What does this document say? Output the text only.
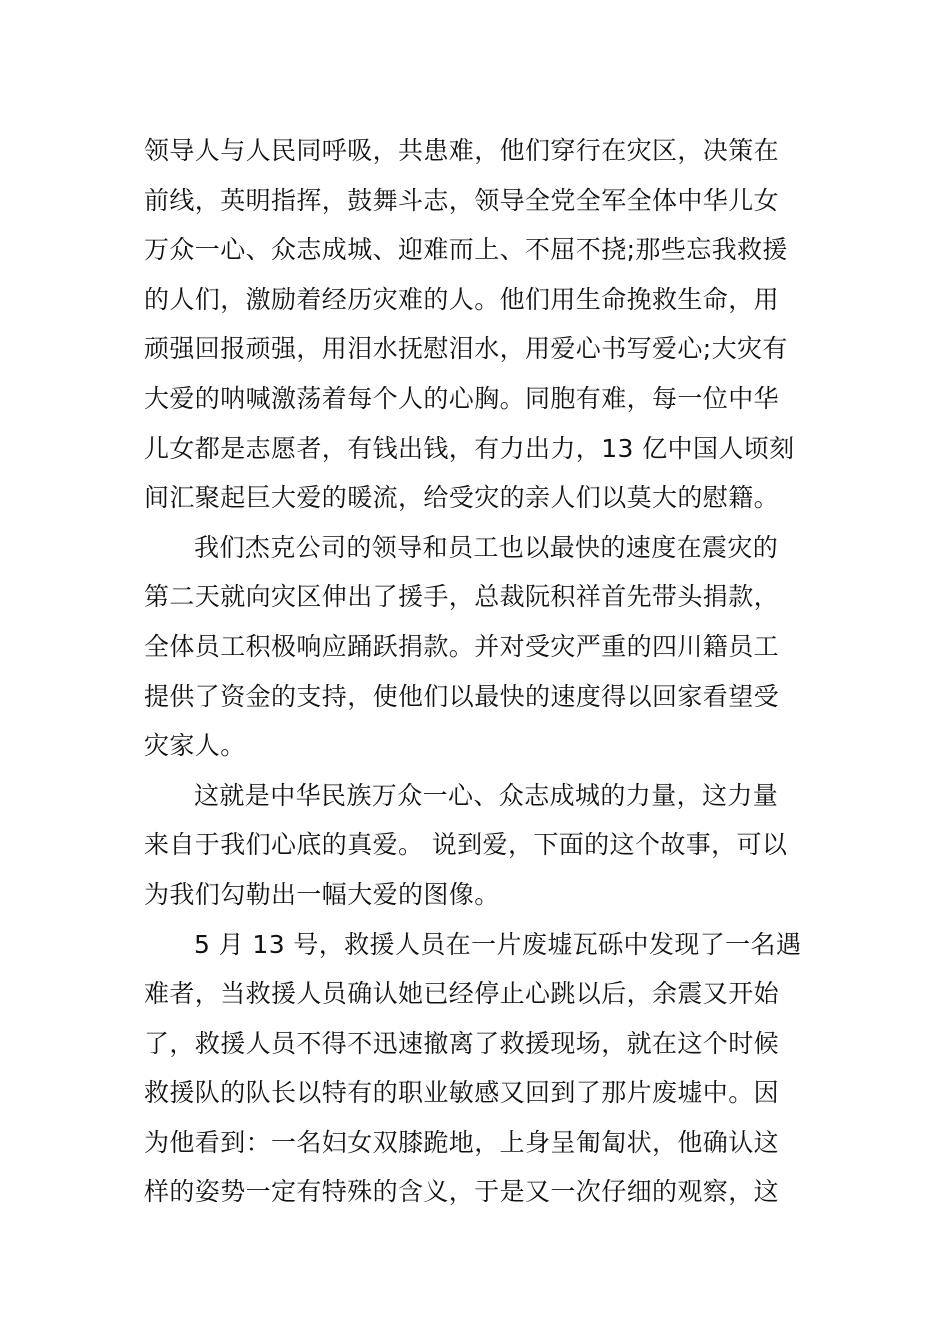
领导人与人民同呼吸，共患难，他们穿行在灾区，决策在
前线，英明指挥，鼓舞斗志，领导全党全军全体中华儿女
万众一心、众志成城、迎难而上、不屈不挠;那些忘我救援
的人们，激励着经历灾难的人。他们用生命挽救生命，用
顽强回报顽强，用泪水抚慰泪水，用爱心书写爱心;大灾有
大爱的呐喊激荡着每个人的心胸。同胞有难，每一位中华
儿女都是志愿者，有钱出钱，有力出力，13 亿中国人顷刻
间汇聚起巨大爱的暖流，给受灾的亲人们以莫大的慰籍。
我们杰克公司的领导和员工也以最快的速度在震灾的
第二天就向灾区伸出了援手，总裁阮积祥首先带头捐款，
全体员工积极响应踊跃捐款。并对受灾严重的四川籍员工
提供了资金的支持，使他们以最快的速度得以回家看望受
灾家人。
这就是中华民族万众一心、众志成城的力量，这力量
来自于我们心底的真爱。 说到爱，下面的这个故事，可以
为我们勾勒出一幅大爱的图像。
5 月 13 号，救援人员在一片废墟瓦砾中发现了一名遇
难者，当救援人员确认她已经停止心跳以后，余震又开始
了，救援人员不得不迅速撤离了救援现场，就在这个时候
救援队的队长以特有的职业敏感又回到了那片废墟中。因
为他看到：一名妇女双膝跪地，上身呈匍匐状，他确认这
样的姿势一定有特殊的含义，于是又一次仔细的观察，这
